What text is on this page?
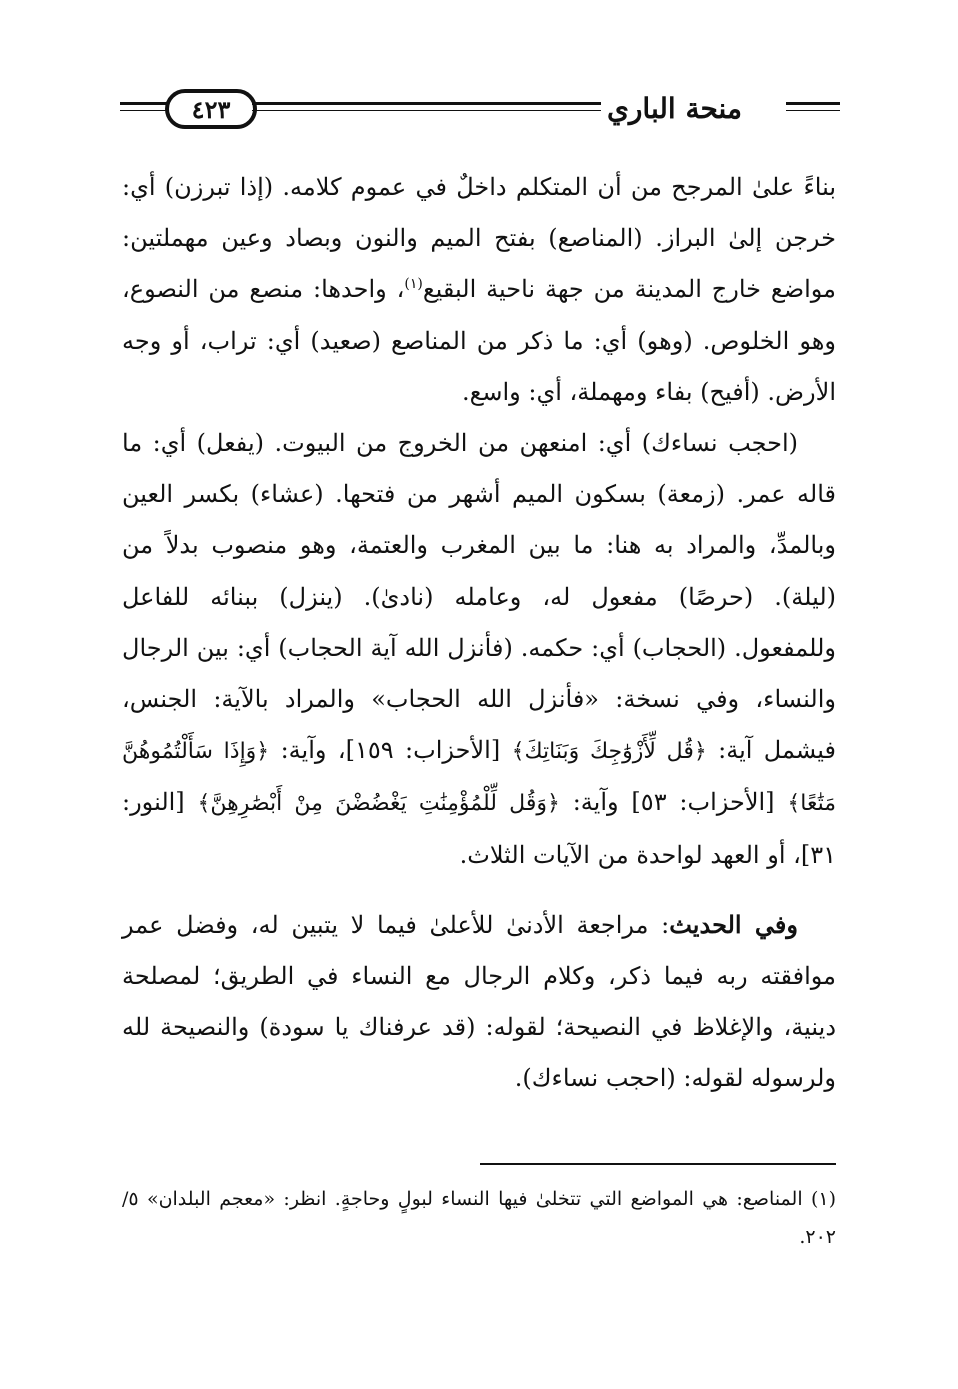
٤٢٣	منحة الباري

بناءً علىٰ المرجح من أن المتكلم داخلٌ في عموم كلامه. (إذا تبرزن) أي: خرجن إلىٰ البراز. (المناصع) بفتح الميم والنون وبصاد وعين مهملتين: مواضع خارج المدينة من جهة ناحية البقيع$^{(١)}$، واحدها: منصع من النصوع، وهو الخلوص. (وهو) أي: ما ذكر من المناصع (صعيد) أي: تراب، أو وجه الأرض. (أفيح) بفاء ومهملة، أي: واسع.

(احجب نساءك) أي: امنعهن من الخروج من البيوت. (يفعل) أي: ما قاله عمر. (زمعة) بسكون الميم أشهر من فتحها. (عشاء) بكسر العين وبالمدِّ، والمراد به هنا: ما بين المغرب والعتمة، وهو منصوب بدلاً من (ليلة). (حرصًا) مفعول له، وعامله (نادىٰ). (ينزل) ببنائه للفاعل وللمفعول. (الحجاب) أي: حكمه. (فأنزل الله آية الحجاب) أي: بين الرجال والنساء، وفي نسخة: «فأنزل الله الحجاب» والمراد بالآية: الجنس، فيشمل آية: ﴿قُل لِّأَزْوَٰجِكَ وَبَنَاتِكَ﴾ [الأحزاب: ١٥٩]، وآية: ﴿وَإِذَا سَأَلْتُمُوهُنَّ مَتَٰعًا﴾ [الأحزاب: ٥٣] وآية: ﴿وَقُل لِّلْمُؤْمِنَٰتِ يَغْضُضْنَ مِنْ أَبْصَٰرِهِنَّ﴾ [النور: ٣١]، أو العهد لواحدة من الآيات الثلاث.

وفي الحديث: مراجعة الأدنىٰ للأعلىٰ فيما لا يتبين له، وفضل عمر موافقته ربه فيما ذكر، وكلام الرجال مع النساء في الطريق؛ لمصلحة دينية، والإغلاظ في النصيحة؛ لقوله: (قد عرفناك يا سودة) والنصيحة لله ولرسوله لقوله: (احجب نساءك).

(١) المناصع: هي المواضع التي تتخلىٰ فيها النساء لبولٍ وحاجةٍ. انظر: «معجم البلدان» ٥/ ٢٠٢.
